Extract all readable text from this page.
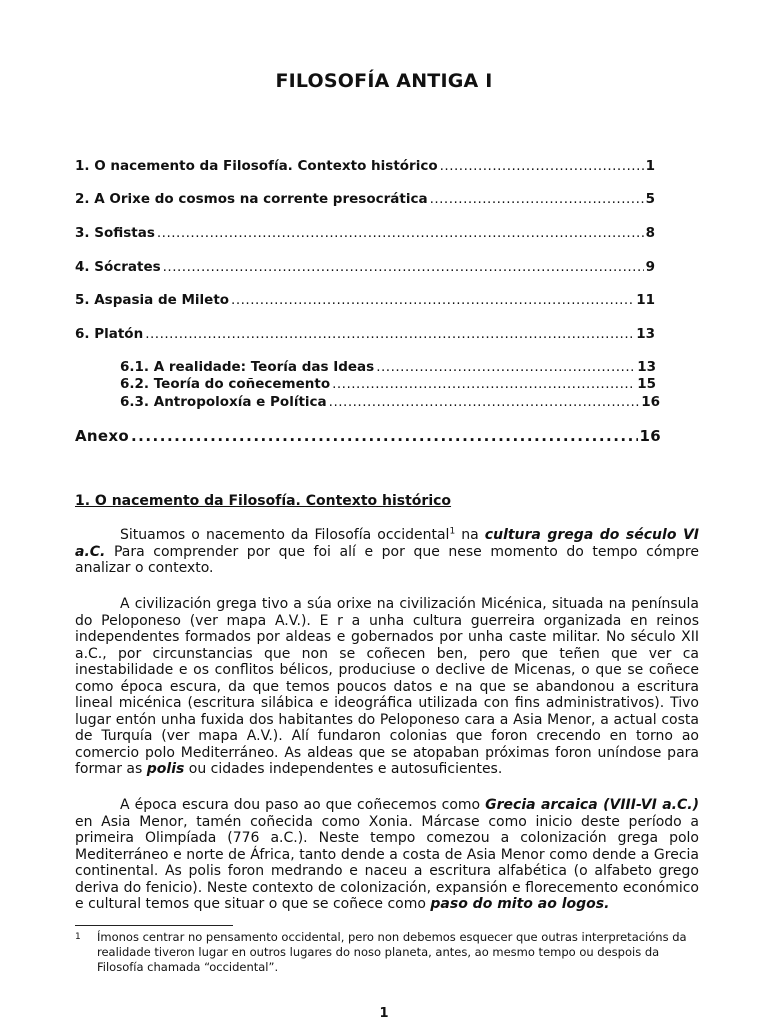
FILOSOFÍA ANTIGA I
1. O nacemento da Filosofía. Contexto histórico .....	1
2. A Orixe do cosmos na corrente presocrática .....	5
3. Sofistas .....	8
4. Sócrates .....	9
5. Aspasia de Mileto .....	11
6. Platón .....	13
6.1. A realidade: Teoría das Ideas .....	13
6.2. Teoría do coñecemento .....	15
6.3. Antropoloxía e Política .....	16
Anexo .....	16
1. O nacemento da Filosofía. Contexto histórico

Situamos o nacemento da Filosofía occidental$^1$ na cultura grega do século VI a.C. Para comprender por que foi alí e por que nese momento do tempo cómpre analizar o contexto.

A civilización grega tivo a súa orixe na civilización Micénica, situada na península do Peloponeso (ver mapa A.V.). E r a unha cultura guerreira organizada en reinos independentes formados por aldeas e gobernados por unha caste militar. No século XII a.C., por circunstancias que non se coñecen ben, pero que teñen que ver ca inestabilidade e os conflitos bélicos, produciuse o declive de Micenas, o que se coñece como época escura, da que temos poucos datos e na que se abandonou a escritura lineal micénica (escritura silábica e ideográfica utilizada con fins administrativos). Tivo lugar entón unha fuxida dos habitantes do Peloponeso cara a Asia Menor, a actual costa de Turquía (ver mapa A.V.). Alí fundaron colonias que foron crecendo en torno ao comercio polo Mediterráneo. As aldeas que se atopaban próximas foron uníndose para formar as polis ou cidades independentes e autosuficientes.

A época escura dou paso ao que coñecemos como Grecia arcaica (VIII-VI a.C.) en Asia Menor, tamén coñecida como Xonia. Márcase como inicio deste período a primeira Olimpíada (776 a.C.). Neste tempo comezou a colonización grega polo Mediterráneo e norte de África, tanto dende a costa de Asia Menor como dende a Grecia continental. As polis foron medrando e naceu a escritura alfabética (o alfabeto grego deriva do fenicio). Neste contexto de colonización, expansión e florecemento económico e cultural temos que situar o que se coñece como paso do mito ao logos.

1	Ímonos centrar no pensamento occidental, pero non debemos esquecer que outras interpretacións da realidade tiveron lugar en outros lugares do noso planeta, antes, ao mesmo tempo ou despois da Filosofía chamada “occidental”.
1
